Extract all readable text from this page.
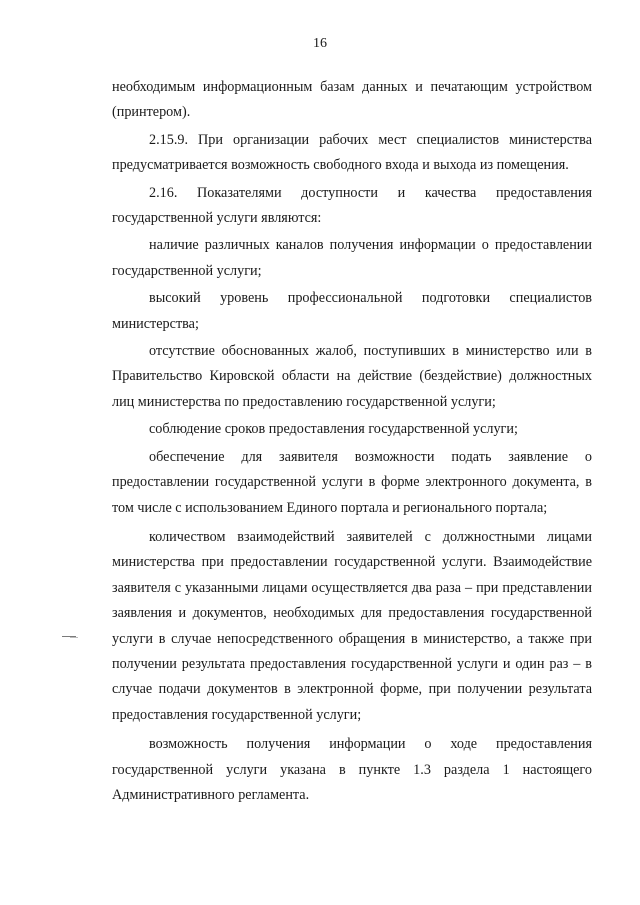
16

необходимым информационным базам данных и печатающим устройством (принтером).

2.15.9. При организации рабочих мест специалистов министерства предусматривается возможность свободного входа и выхода из помещения.

2.16. Показателями доступности и качества предоставления государственной услуги являются:

наличие различных каналов получения информации о предоставлении государственной услуги;

высокий уровень профессиональной подготовки специалистов министерства;

отсутствие обоснованных жалоб, поступивших в министерство или в Правительство Кировской области на действие (бездействие) должностных лиц министерства по предоставлению государственной услуги;

соблюдение сроков предоставления государственной услуги;

обеспечение для заявителя возможности подать заявление о предоставлении государственной услуги в форме электронного документа, в том числе с использованием Единого портала и регионального портала;

количеством взаимодействий заявителей с должностными лицами министерства при предоставлении государственной услуги. Взаимодействие заявителя с указанными лицами осуществляется два раза – при представлении заявления и документов, необходимых для предоставления государственной услуги в случае непосредственного обращения в министерство, а также при получении результата предоставления государственной услуги и один раз – в случае подачи документов в электронной форме, при получении результата предоставления государственной услуги;

возможность получения информации о ходе предоставления государственной услуги указана в пункте 1.3 раздела 1 настоящего Административного регламента.
